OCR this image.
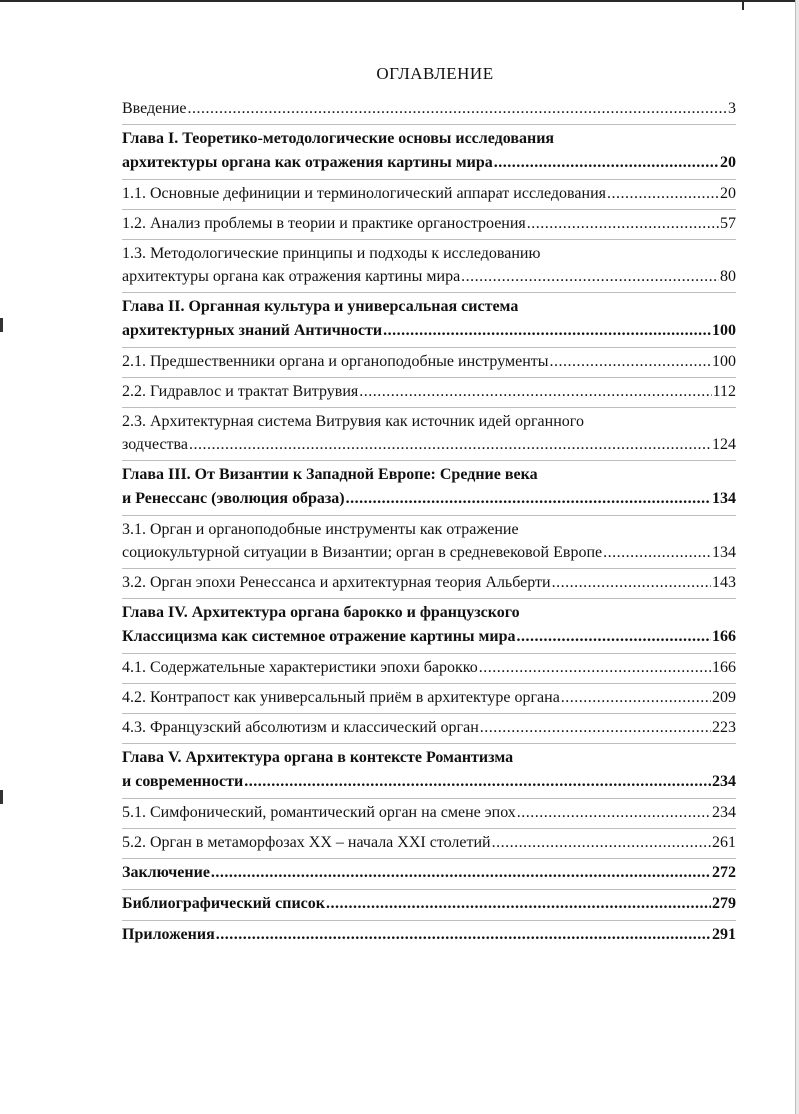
ОГЛАВЛЕНИЕ
Введение .....	3
Глава I. Теоретико-методологические основы исследования
архитектуры органа как отражения картины мира .....	20
1.1. Основные дефиниции и терминологический аппарат исследования .....	20
1.2. Анализ проблемы в теории и практике органостроения .....	57
1.3. Методологические принципы и подходы к исследованию
архитектуры органа как отражения картины мира .....	80
Глава II. Органная культура и универсальная система
архитектурных знаний Античности .....	100
2.1. Предшественники органа и органоподобные инструменты .....	100
2.2. Гидравлос и трактат Витрувия .....	112
2.3. Архитектурная система Витрувия как источник идей органного
зодчества .....	124
Глава III. От Византии к Западной Европе: Средние века
и Ренессанс (эволюция образа) .....	134
3.1. Орган и органоподобные инструменты как отражение
социокультурной ситуации в Византии; орган в средневековой Европе .....	134
3.2. Орган эпохи Ренессанса и архитектурная теория Альберти .....	143
Глава IV. Архитектура органа барокко и французского
Классицизма как системное отражение картины мира .....	166
4.1. Содержательные характеристики эпохи барокко .....	166
4.2. Контрапост как универсальный приём в архитектуре органа .....	209
4.3. Французский абсолютизм и классический орган .....	223
Глава V. Архитектура органа в контексте Романтизма
и современности .....	234
5.1. Симфонический, романтический орган на смене эпох .....	234
5.2. Орган в метаморфозах XX – начала XXI столетий .....	261
Заключение .....	272
Библиографический список .....	279
Приложения .....	291
